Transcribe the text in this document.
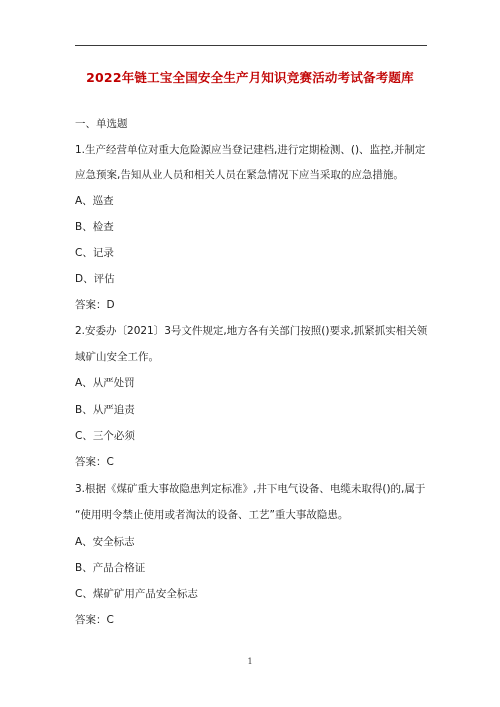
2022年链工宝全国安全生产月知识竞赛活动考试备考题库
一、单选题
1.生产经营单位对重大危险源应当登记建档,进行定期检测、()、监控,并制定
应急预案,告知从业人员和相关人员在紧急情况下应当采取的应急措施。
A、巡查
B、检查
C、记录
D、评估
答案：D
2.安委办〔2021〕3号文件规定,地方各有关部门按照()要求,抓紧抓实相关领
域矿山安全工作。
A、从严处罚
B、从严追责
C、三个必须
答案：C
3.根据《煤矿重大事故隐患判定标准》,井下电气设备、电缆未取得()的,属于
“使用明令禁止使用或者淘汰的设备、工艺”重大事故隐患。
A、安全标志
B、产品合格证
C、煤矿矿用产品安全标志
答案：C
1
